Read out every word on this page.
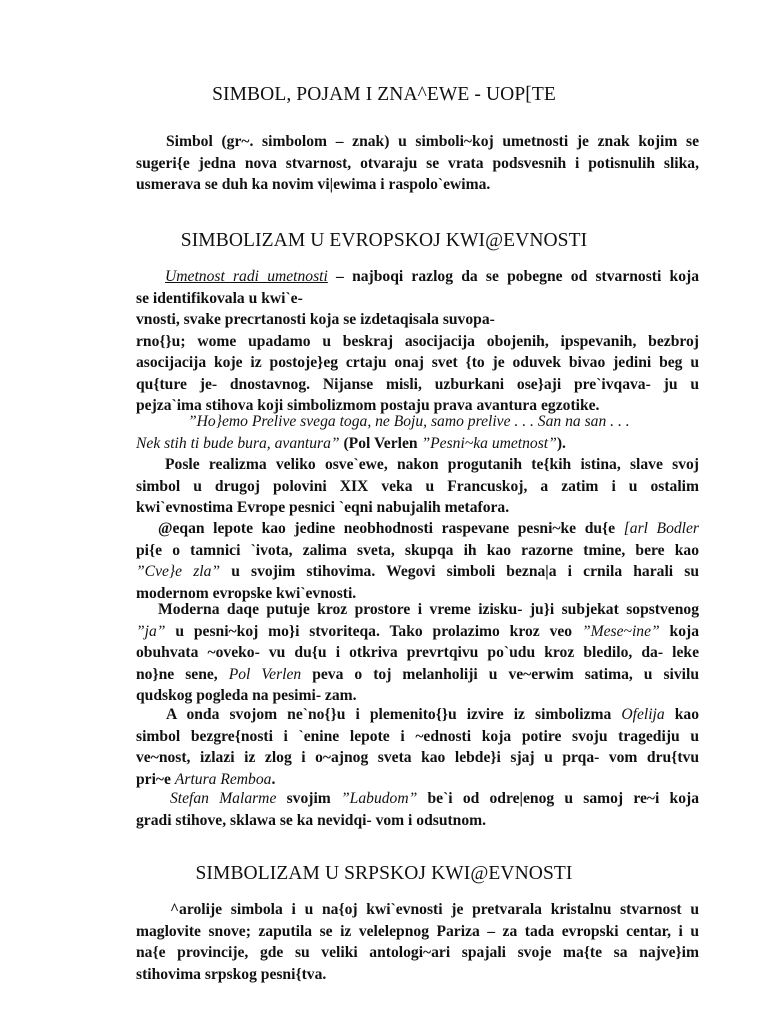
SIMBOL, POJAM I ZNA^EWE - UOP[TE
Simbol (gr~. simbolom – znak) u simboli~koj umetnosti je znak kojim se
sugeri{e jedna nova stvarnost, otvaraju se vrata podsvesnih i potisnulih slika,
usmerava se duh ka novim vi|ewima i raspolo`ewima.
SIMBOLIZAM U EVROPSKOJ KWI@EVNOSTI
Umetnost radi umetnosti – najboqi razlog da se pobegne od stvarnosti koja
se identifikovala u kwi`e-
vnosti, svake precrtanosti koja se izdetaqisala suvopa-
rno{}u; wome upadamo u beskraj asocijacija obojenih, ipspevanih, bezbroj
asocijacija koje iz postoje}eg crtaju onaj svet {to je oduvek bivao jedini beg u
qu{ture je- dnostavnog. Nijanse misli, uzburkani ose}aji pre`ivqava- ju u
pejza`ima stihova koji simbolizmom postaju prava avantura egzotike.
”Ho}emo Prelive svega toga, ne Boju, samo prelive . . . San na san . . .
Nek stih ti bude bura, avantura” (Pol Verlen ”Pesni~ka umetnost”).
Posle realizma veliko osve`ewe, nakon progutanih te{kih istina, slave svoj
simbol u drugoj polovini XIX veka u Francuskoj, a zatim i u ostalim
kwi`evnostima Evrope pesnici `eqni nabujalih metafora.
@eqan lepote kao jedine neobhodnosti raspevane pesni~ke du{e [arl Bodler
pi{e o tamnici `ivota, zalima sveta, skupqa ih kao razorne tmine, bere kao
”Cve}e zla” u svojim stihovima. Wegovi simboli bezna|a i crnila harali su
modernom evropske kwi`evnosti.
Moderna daqe putuje kroz prostore i vreme izisku- ju}i subjekat sopstvenog
”ja” u pesni~koj mo}i stvoriteqa. Tako prolazimo kroz veo ”Mese~ine” koja
obuhvata ~oveko- vu du{u i otkriva prevrtqivu po`udu kroz bledilo, da- leke
no}ne sene, Pol Verlen peva o toj melanholiji u ve~erwim satima, u sivilu
qudskog pogleda na pesimi- zam.
A onda svojom ne`no{}u i plemenito{}u izvire iz simbolizma Ofelija kao
simbol bezgre{nosti i `enine lepote i ~ednosti koja potire svoju tragediju u
ve~nost, izlazi iz zlog i o~ajnog sveta kao lebde}i sjaj u prqa- vom dru{tvu
pri~e Artura Remboa.
Stefan Malarme svojim ”Labudom” be`i od odre|enog u samoj re~i koja
gradi stihove, sklawa se ka nevidqi- vom i odsutnom.
SIMBOLIZAM U SRPSKOJ KWI@EVNOSTI
^arolije simbola i u na{oj kwi`evnosti je pretvarala kristalnu stvarnost u
maglovite snove; zaputila se iz velelepnog Pariza – za tada evropski centar, i u
na{e provincije, gde su veliki antologi~ari spajali svoje ma{te sa najve}im
stihovima srpskog pesni{tva.
